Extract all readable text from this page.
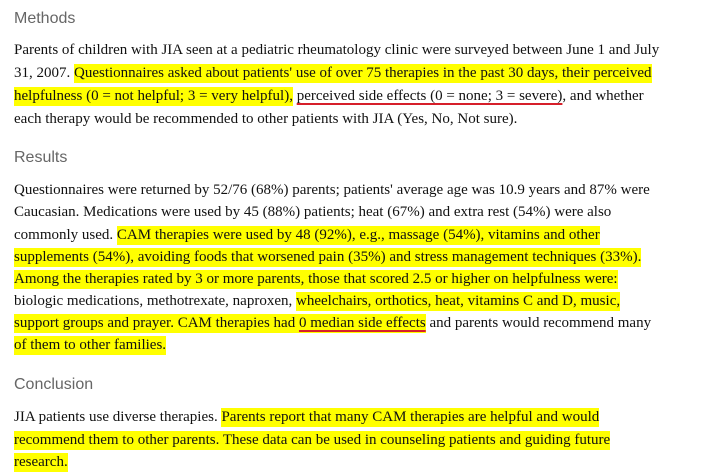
Methods
Parents of children with JIA seen at a pediatric rheumatology clinic were surveyed between June 1 and July
31, 2007. Questionnaires asked about patients' use of over 75 therapies in the past 30 days, their perceived
helpfulness (0 = not helpful; 3 = very helpful), perceived side effects (0 = none; 3 = severe), and whether
each therapy would be recommended to other patients with JIA (Yes, No, Not sure).
Results
Questionnaires were returned by 52/76 (68%) parents; patients' average age was 10.9 years and 87% were
Caucasian. Medications were used by 45 (88%) patients; heat (67%) and extra rest (54%) were also
commonly used. CAM therapies were used by 48 (92%), e.g., massage (54%), vitamins and other
supplements (54%), avoiding foods that worsened pain (35%) and stress management techniques (33%).
Among the therapies rated by 3 or more parents, those that scored 2.5 or higher on helpfulness were:
biologic medications, methotrexate, naproxen, wheelchairs, orthotics, heat, vitamins C and D, music,
support groups and prayer. CAM therapies had 0 median side effects and parents would recommend many
of them to other families.
Conclusion
JIA patients use diverse therapies. Parents report that many CAM therapies are helpful and would
recommend them to other parents. These data can be used in counseling patients and guiding future
research.
